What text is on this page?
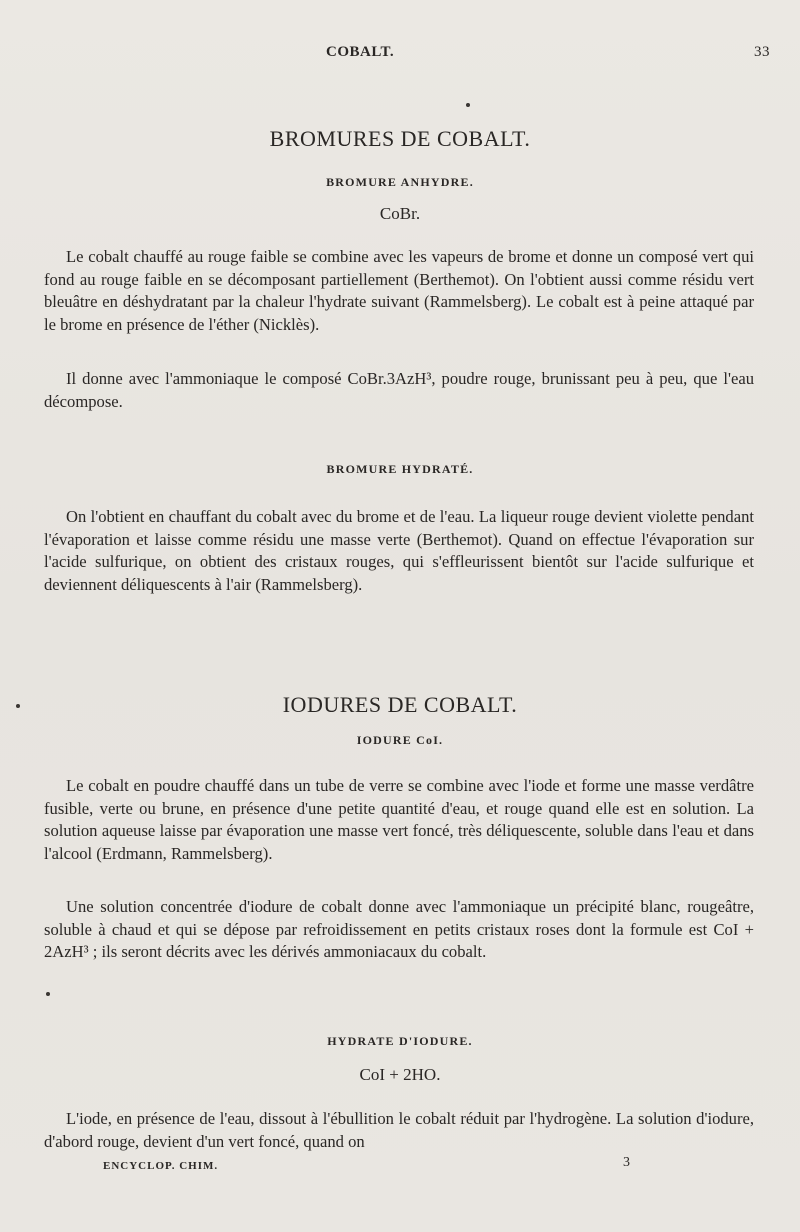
COBALT.	33
BROMURES DE COBALT.
BROMURE ANHYDRE.
CoBr.

Le cobalt chauffé au rouge faible se combine avec les vapeurs de brome et donne un composé vert qui fond au rouge faible en se décomposant partiellement (Berthemot). On l'obtient aussi comme résidu vert bleuâtre en déshydratant par la chaleur l'hydrate suivant (Rammelsberg). Le cobalt est à peine attaqué par le brome en présence de l'éther (Nicklès).

Il donne avec l'ammoniaque le composé CoBr.3AzH³, poudre rouge, brunissant peu à peu, que l'eau décompose.

BROMURE HYDRATÉ.

On l'obtient en chauffant du cobalt avec du brome et de l'eau. La liqueur rouge devient violette pendant l'évaporation et laisse comme résidu une masse verte (Berthemot). Quand on effectue l'évaporation sur l'acide sulfurique, on obtient des cristaux rouges, qui s'effleurissent bientôt sur l'acide sulfurique et deviennent déliquescents à l'air (Rammelsberg).

IODURES DE COBALT.
IODURE CoI.

Le cobalt en poudre chauffé dans un tube de verre se combine avec l'iode et forme une masse verdâtre fusible, verte ou brune, en présence d'une petite quantité d'eau, et rouge quand elle est en solution. La solution aqueuse laisse par évaporation une masse vert foncé, très déliquescente, soluble dans l'eau et dans l'alcool (Erdmann, Rammelsberg).

Une solution concentrée d'iodure de cobalt donne avec l'ammoniaque un précipité blanc, rougeâtre, soluble à chaud et qui se dépose par refroidissement en petits cristaux roses dont la formule est CoI + 2AzH³ ; ils seront décrits avec les dérivés ammoniacaux du cobalt.

HYDRATE D'IODURE.
CoI + 2HO.

L'iode, en présence de l'eau, dissout à l'ébullition le cobalt réduit par l'hydrogène. La solution d'iodure, d'abord rouge, devient d'un vert foncé, quand on

ENCYCLOP. CHIM.	3
